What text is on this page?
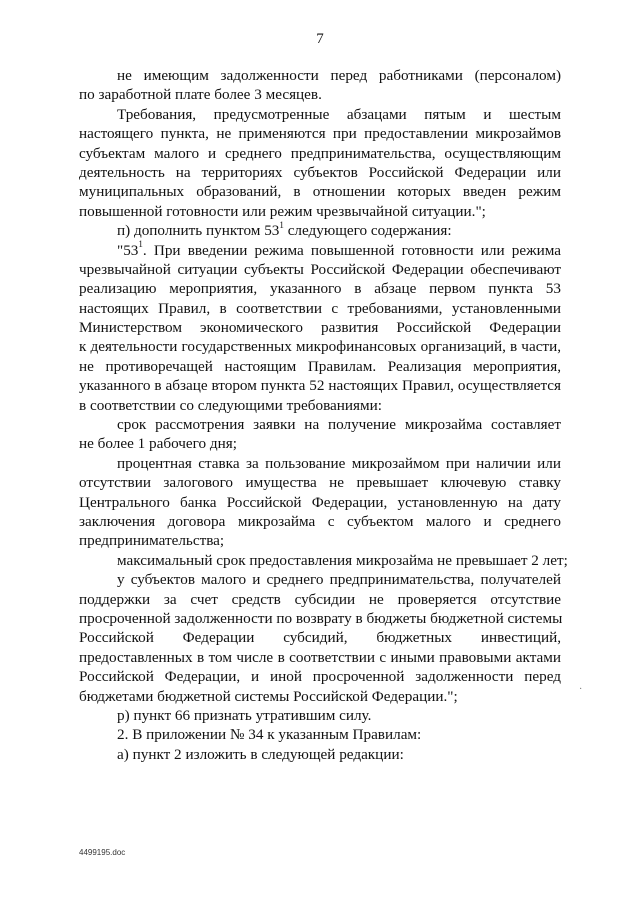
7
не имеющим задолженности перед работниками (персоналом)
по заработной плате более 3 месяцев.
Требования, предусмотренные абзацами пятым и шестым
настоящего пункта, не применяются при предоставлении микрозаймов
субъектам малого и среднего предпринимательства, осуществляющим
деятельность на территориях субъектов Российской Федерации или
муниципальных образований, в отношении которых введен режим
повышенной готовности или режим чрезвычайной ситуации.";
п) дополнить пунктом $53^1$ следующего содержания:
"$53^1$. При введении режима повышенной готовности или режима
чрезвычайной ситуации субъекты Российской Федерации обеспечивают
реализацию мероприятия, указанного в абзаце первом пункта 53
настоящих Правил, в соответствии с требованиями, установленными
Министерством экономического развития Российской Федерации
к деятельности государственных микрофинансовых организаций, в части,
не противоречащей настоящим Правилам. Реализация мероприятия,
указанного в абзаце втором пункта 52 настоящих Правил, осуществляется
в соответствии со следующими требованиями:
срок рассмотрения заявки на получение микрозайма составляет
не более 1 рабочего дня;
процентная ставка за пользование микрозаймом при наличии или
отсутствии залогового имущества не превышает ключевую ставку
Центрального банка Российской Федерации, установленную на дату
заключения договора микрозайма с субъектом малого и среднего
предпринимательства;
максимальный срок предоставления микрозайма не превышает 2 лет;
у субъектов малого и среднего предпринимательства, получателей
поддержки за счет средств субсидии не проверяется отсутствие
просроченной задолженности по возврату в бюджеты бюджетной системы
Российской Федерации субсидий, бюджетных инвестиций,
предоставленных в том числе в соответствии с иными правовыми актами
Российской Федерации, и иной просроченной задолженности перед
бюджетами бюджетной системы Российской Федерации.";
р) пункт 66 признать утратившим силу.
2. В приложении № 34 к указанным Правилам:
а) пункт 2 изложить в следующей редакции:
·
4499195.doc
